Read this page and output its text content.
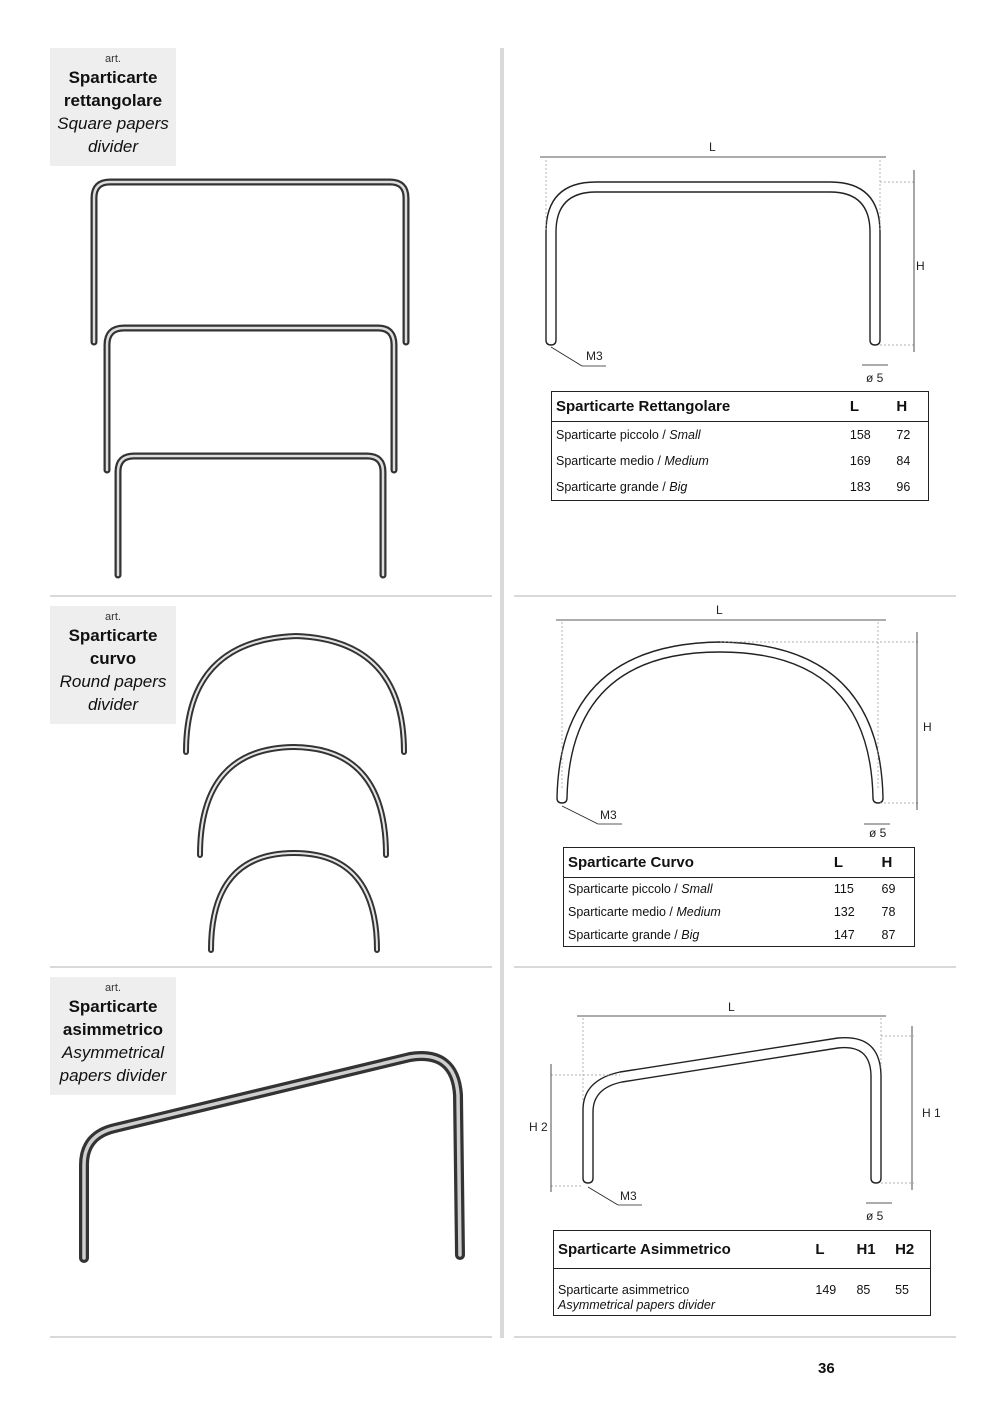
art.
Sparticarte
rettangolare
Square papers
divider	L
H
M3
ø 5
Sparticarte Rettangolare	L	H
Sparticarte piccolo / Small	158	72
Sparticarte medio / Medium	169	84
Sparticarte grande / Big	183	96
art.
Sparticarte
curvo
Round papers
divider
L
H
M3
ø 5
Sparticarte Curvo	L	H
Sparticarte piccolo / Small	115	69
Sparticarte medio / Medium	132	78
Sparticarte grande / Big	147	87
art.
Sparticarte
asimmetrico
Asymmetrical
papers divider
L
H 1
H 2
M3
ø 5
Sparticarte Asimmetrico	L	H1	H2

Sparticarte asimmetrico
Asymmetrical papers divider	149	85	55
36
